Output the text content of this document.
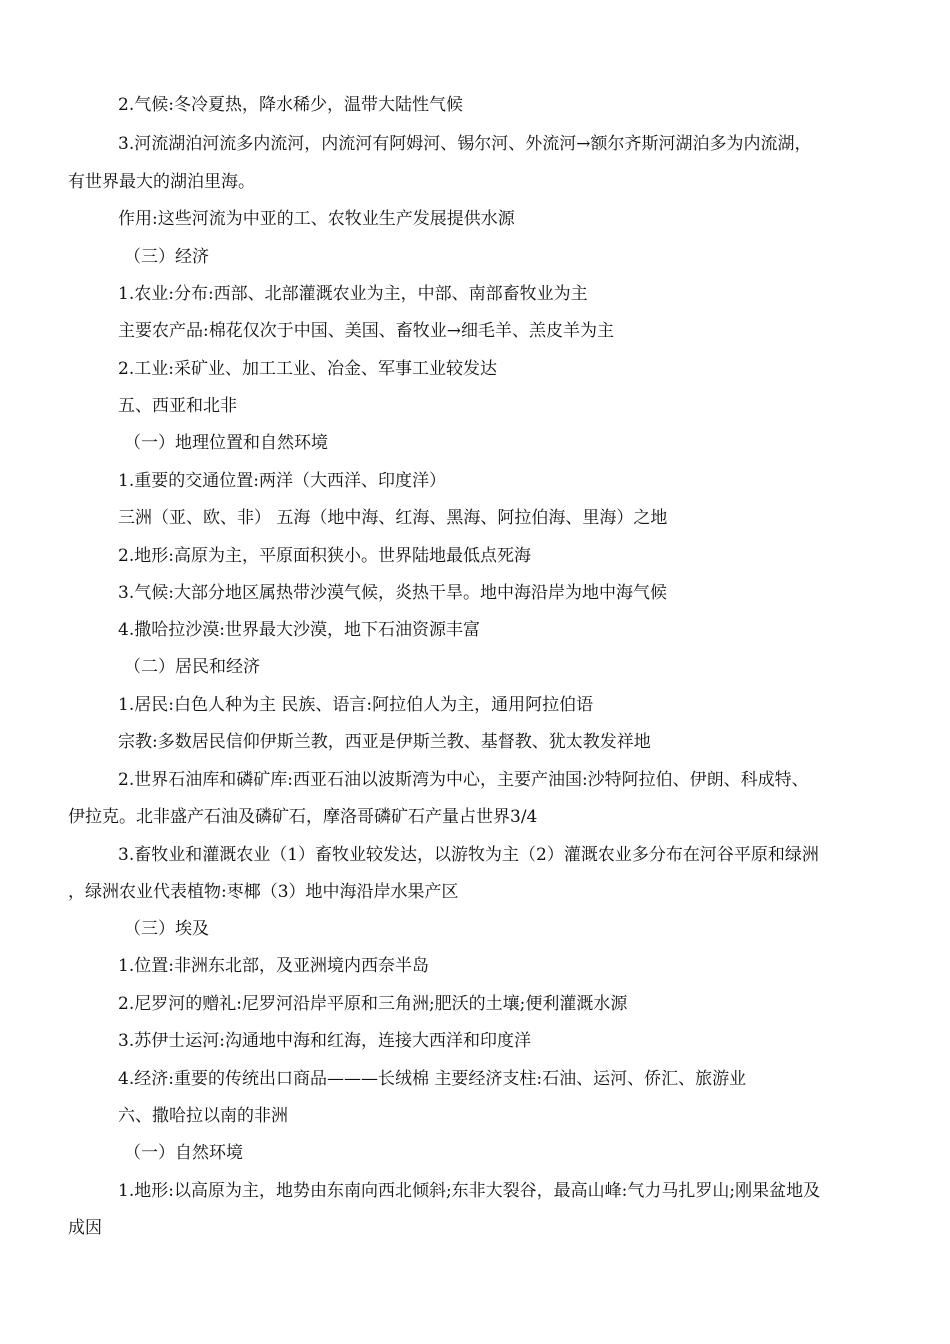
2.气候:冬冷夏热，降水稀少，温带大陆性气候
3.河流湖泊河流多内流河，内流河有阿姆河、锡尔河、外流河→额尔齐斯河湖泊多为内流湖，
有世界最大的湖泊里海。
作用:这些河流为中亚的工、农牧业生产发展提供水源
（三）经济
1.农业:分布:西部、北部灌溉农业为主，中部、南部畜牧业为主
主要农产品:棉花仅次于中国、美国、畜牧业→细毛羊、羔皮羊为主
2.工业:采矿业、加工工业、冶金、军事工业较发达
五、西亚和北非
（一）地理位置和自然环境
1.重要的交通位置:两洋（大西洋、印度洋）
三洲（亚、欧、非） 五海（地中海、红海、黑海、阿拉伯海、里海）之地
2.地形:高原为主，平原面积狭小。世界陆地最低点死海
3.气候:大部分地区属热带沙漠气候，炎热干旱。地中海沿岸为地中海气候
4.撒哈拉沙漠:世界最大沙漠，地下石油资源丰富
（二）居民和经济
1.居民:白色人种为主 民族、语言:阿拉伯人为主，通用阿拉伯语
宗教:多数居民信仰伊斯兰教，西亚是伊斯兰教、基督教、犹太教发祥地
2.世界石油库和磷矿库:西亚石油以波斯湾为中心，主要产油国:沙特阿拉伯、伊朗、科成特、
伊拉克。北非盛产石油及磷矿石，摩洛哥磷矿石产量占世界3/4
3.畜牧业和灌溉农业（1）畜牧业较发达，以游牧为主（2）灌溉农业多分布在河谷平原和绿洲
，绿洲农业代表植物:枣椰（3）地中海沿岸水果产区
（三）埃及
1.位置:非洲东北部，及亚洲境内西奈半岛
2.尼罗河的赠礼:尼罗河沿岸平原和三角洲;肥沃的土壤;便利灌溉水源
3.苏伊士运河:沟通地中海和红海，连接大西洋和印度洋
4.经济:重要的传统出口商品———长绒棉 主要经济支柱:石油、运河、侨汇、旅游业
六、撒哈拉以南的非洲
（一）自然环境
1.地形:以高原为主，地势由东南向西北倾斜;东非大裂谷，最高山峰:气力马扎罗山;刚果盆地及
成因
